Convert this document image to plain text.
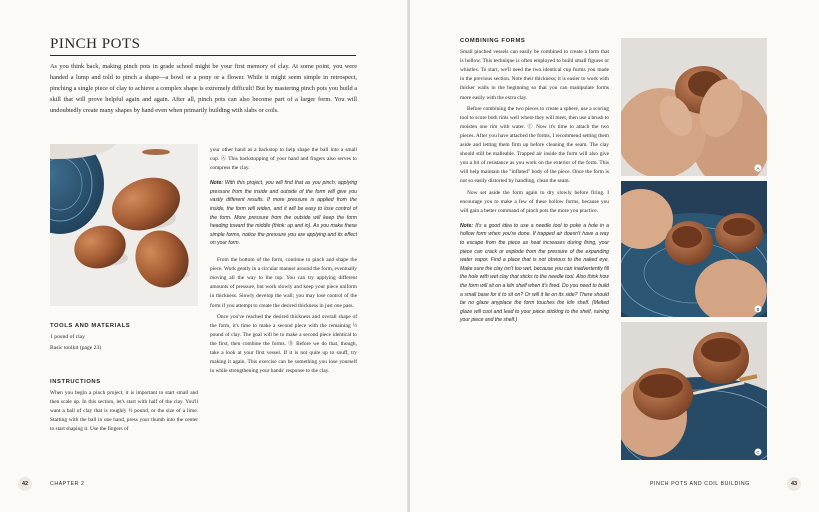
PINCH POTS

As you think back, making pinch pots in grade school might be your first memory of clay. At some point, you were handed a lump and told to pinch a shape—a bowl or a pony or a flower. While it might seem simple in retrospect, pinching a single piece of clay to achieve a complex shape is extremely difficult! But by mastering pinch pots you build a skill that will prove helpful again and again. After all, pinch pots can also become part of a larger form. You will undoubtedly create many shapes by hand even when primarily building with slabs or coils.

TOOLS AND MATERIALS

1 pound of clay

Basic toolkit (page 23)

INSTRUCTIONS

When you begin a pinch project, it is important to start small and then scale up. In this section, let's start with half of the clay. You'll want a ball of clay that is roughly ½ pound, or the size of a lime. Starting with the ball in one hand, press your thumb into the center to start shaping it. Use the fingers of

your other hand as a backstop to help shape the ball into a small cup. Ⓐ This backstopping of your hand and fingers also serves to compress the clay.

Note: With this project, you will find that as you pinch, applying pressure from the inside and outside of the form will give you vastly different results. If more pressure is applied from the inside, the form will widen, and it will be easy to lose control of the form. More pressure from the outside will keep the form heading toward the middle (think: up and in). As you make these simple forms, notice the pressure you are applying and its effect on your form.

From the bottom of the form, continue to pinch and shape the piece. Work gently in a circular manner around the form, eventually moving all the way to the top. You can try applying different amounts of pressure, but work slowly and keep your piece uniform in thickness. Slowly develop the wall; you may lose control of the form if you attempt to create the desired thickness in just one pass.

Once you've reached the desired thickness and overall shape of the form, it's time to make a second piece with the remaining ½ pound of clay. The goal will be to make a second piece identical to the first, then combine the forms. Ⓑ Before we do that, though, take a look at your first vessel. If it is not quite up to snuff, try making it again. This exercise can be something you lose yourself in while strengthening your hands' response to the clay.

42	CHAPTER 2

COMBINING FORMS

Small pinched vessels can easily be combined to create a form that is hollow. This technique is often employed to build small figures or whistles. To start, we'll need the two identical cup forms you made in the previous section. Note their thickness; it is easier to work with thicker walls in the beginning so that you can manipulate forms more easily with the extra clay.

Before combining the two pieces to create a sphere, use a scoring tool to score both rims well where they will meet, then use a brush to moisten one rim with water. Ⓒ Now it's time to attach the two pieces. After you have attached the forms, I recommend setting them aside and letting them firm up before cleaning the seam. The clay should still be malleable. Trapped air inside the form will also give you a bit of resistance as you work on the exterior of the form. This will help maintain the "inflated" body of the piece. Once the form is not so easily distorted by handling, clean the seam.

Now set aside the form again to dry slowly before firing. I encourage you to make a few of these hollow forms, because you will gain a better command of pinch pots the more you practice.

Note: It's a good idea to use a needle tool to poke a hole in a hollow form when you're done. If trapped air doesn't have a way to escape from the piece as heat increases during firing, your piece can crack or explode from the pressure of the expanding water vapor. Find a place that is not obvious to the naked eye. Make sure the clay isn't too wet, because you can inadvertently fill the hole with wet clay that sticks to the needle tool. Also think how the form will sit on a kiln shelf when it's fired. Do you need to build a small base for it to sit on? Or will it lie on its side? There should be no glaze anyplace the form touches the kiln shelf. (Melted glaze will cool and lead to your piece sticking to the shelf, ruining your piece and the shelf.)

A
B
C
PINCH POTS AND COIL BUILDING	43
